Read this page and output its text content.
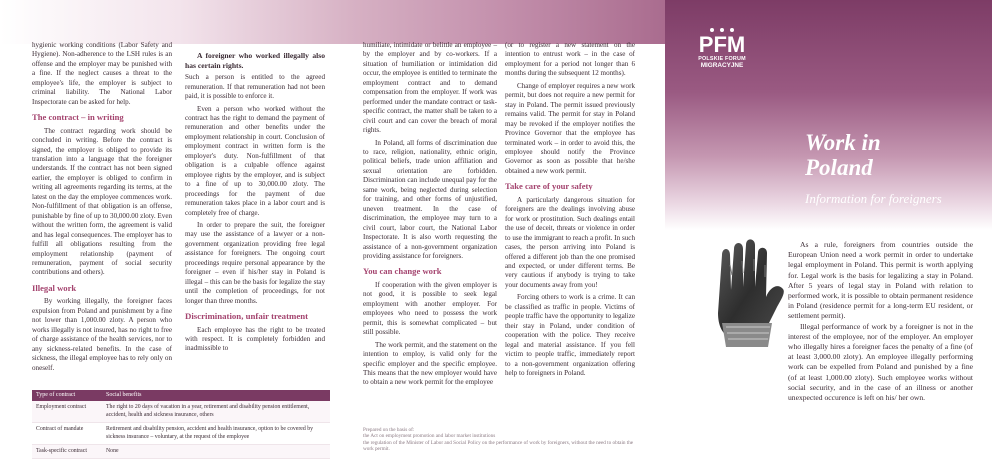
hygienic working conditions (Labor Safety and Hygiene). Non-adherence to the LSH rules is an offense and the employer may be punished with a fine. If the neglect causes a threat to the employee's life, the employer is subject to criminal liability. The National Labor Inspectorate can be asked for help.

The contract – in writing

The contract regarding work should be concluded in writing. Before the contract is signed, the employer is obliged to provide its translation into a language that the foreigner understands. If the contract has not been signed earlier, the employer is obliged to confirm in writing all agreements regarding its terms, at the latest on the day the employee commences work. Non-fulfillment of that obligation is an offense, punishable by fine of up to 30,000.00 zloty. Even without the written form, the agreement is valid and has legal consequences. The employer has to fulfill all obligations resulting from the employment relationship (payment of remuneration, payment of social security contributions and others).

Illegal work

By working illegally, the foreigner faces expulsion from Poland and punishment by a fine not lower than 1,000.00 zloty. A person who works illegally is not insured, has no right to free of charge assistance of the health services, nor to any sickness-related benefits. In the case of sickness, the illegal employee has to rely only on oneself.

A foreigner who worked illegally also has certain rights.

Such a person is entitled to the agreed remuneration. If that remuneration had not been paid, it is possible to enforce it.

Even a person who worked without the contract has the right to demand the payment of remuneration and other benefits under the employment relationship in court. Conclusion of employment contract in written form is the employer's duty. Non-fulfillment of that obligation is a culpable offence against employee rights by the employer, and is subject to a fine of up to 30,000.00 zloty. The proceedings for the payment of due remuneration takes place in a labor court and is completely free of charge.

In order to prepare the suit, the foreigner may use the assistance of a lawyer or a non-government organization providing free legal assistance for foreigners. The ongoing court proceedings require personal appearance by the foreigner – even if his/her stay in Poland is illegal – this can be the basis for legalize the stay until the completion of proceedings, for not longer than three months.

Discrimination, unfair treatment

Each employee has the right to be treated with respect. It is completely forbidden and inadmissible to

humiliate, intimidate or belittle an employee – by the employer and by co-workers. If a situation of humiliation or intimidation did occur, the employee is entitled to terminate the employment contract and to demand compensation from the employer. If work was performed under the mandate contract or task-specific contract, the matter shall be taken to a civil court and can cover the breach of moral rights.

In Poland, all forms of discrimination due to race, religion, nationality, ethnic origin, political beliefs, trade union affiliation and sexual orientation are forbidden. Discrimination can include unequal pay for the same work, being neglected during selection for training, and other forms of unjustified, uneven treatment. In the case of discrimination, the employee may turn to a civil court, labor court, the National Labor Inspectorate. It is also worth requesting the assistance of a non-government organization providing assistance for foreigners.

You can change work

If cooperation with the given employer is not good, it is possible to seek legal employment with another employer. For employees who need to possess the work permit, this is somewhat complicated – but still possible.

The work permit, and the statement on the intention to employ, is valid only for the specific employer and the specific employee. This means that the new employer would have to obtain a new work permit for the employee

(or to register a new statement on the intention to entrust work – in the case of employment for a period not longer than 6 months during the subsequent 12 months).

Change of employer requires a new work permit, but does not require a new permit for stay in Poland. The permit issued previously remains valid. The permit for stay in Poland may be revoked if the employer notifies the Province Governor that the employee has terminated work – in order to avoid this, the employee should notify the Province Governor as soon as possible that he/she obtained a new work permit.

Take care of your safety

A particularly dangerous situation for foreigners are the dealings involving abuse for work or prostitution. Such dealings entail the use of deceit, threats or violence in order to use the immigrant to reach a profit. In such cases, the person arriving into Poland is offered a different job than the one promised and expected, or under different terms. Be very cautious if anybody is trying to take your documents away from you!

Forcing others to work is a crime. It can be classified as traffic in people. Victims of people traffic have the opportunity to legalize their stay in Poland, under condition of cooperation with the police. They receive legal and material assistance. If you fell victim to people traffic, immediately report to a non-government organization offering help to foreigners in Poland.

Type of contract	Social benefits
Employment contract	The right to 20 days of vacation in a year, retirement and disability pension entitlement, accident, health and sickness insurance, others
Contract of mandate	Retirement and disability pension, accident and health insurance, option to be covered by sickness insurance – voluntary, at the request of the employee
Task-specific contract	None
Prepared on the basis of:
the Act on employment promotion and labor market institutions
the regulation of the Minister of Labor and Social Policy on the performance of work by foreigners, without the need to obtain the work permit.
PFM
POLSKIE FORUM
MIGRACYJNE
Work in
Poland
Information for foreigners

As a rule, foreigners from countries outside the European Union need a work permit in order to undertake legal employment in Poland. This permit is worth applying for. Legal work is the basis for legalizing a stay in Poland. After 5 years of legal stay in Poland with relation to performed work, it is possible to obtain permanent residence in Poland (residence permit for a long-term EU resident, or settlement permit).

Illegal performance of work by a foreigner is not in the interest of the employee, nor of the employer. An employer who illegally hires a foreigner faces the penalty of a fine (of at least 3,000.00 zloty). An employee illegally performing work can be expelled from Poland and punished by a fine (of at least 1,000.00 zloty). Such employee works without social security, and in the case of an illness or another unexpected occurence is left on his/ her own.
